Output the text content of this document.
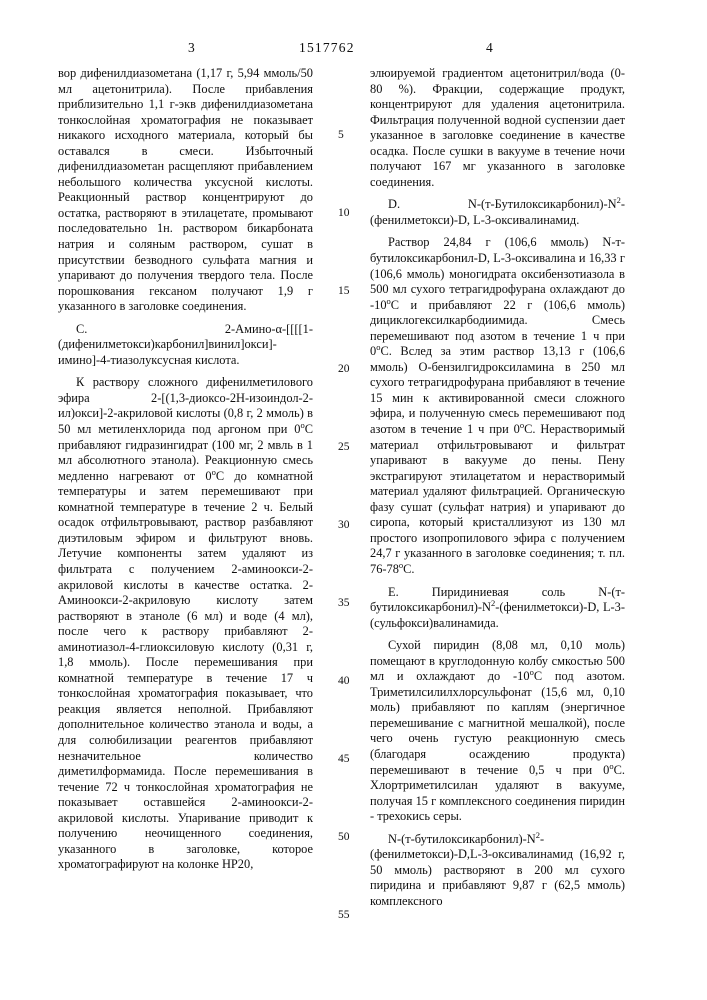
3	1517762	4
5
10
15
20
25
30
35
40
45
50
55

вор дифенилдиазометана (1,17 г, 5,94 ммоль/50 мл ацетонитрила). После прибавления приблизительно 1,1 г-экв дифенилдиазометана тонкослойная хроматография не показывает никакого исходного материала, который бы оставался в смеси. Избыточный дифенилдиазометан расщепляют прибавлением небольшого количества уксусной кислоты. Реакционный раствор концентрируют до остатка, растворяют в этилацетате, промывают последовательно 1н. раствором бикарбоната натрия и соляным раствором, сушат в присутствии безводного сульфата магния и упаривают до получения твердого тела. После порошкования гексаном получают 1,9 г указанного в заголовке соединения.

С. 2-Амино-α-[[[[1-(дифенилметокси)карбонил]винил]окси]-имино]-4-тиазолуксусная кислота.

К раствору сложного дифенилметилового эфира 2-[(1,3-диоксо-2Н-изоиндол-2-ил)окси]-2-акриловой кислоты (0,8 г, 2 ммоль) в 50 мл метиленхлорида под аргоном при 0$^o$С прибавляют гидразингидрат (100 мг, 2 мвль в 1 мл абсолютного этанола). Реакционную смесь медленно нагревают от 0$^o$С до комнатной температуры и затем перемешивают при комнатной температуре в течение 2 ч. Белый осадок отфильтровывают, раствор разбавляют диэтиловым эфиром и фильтруют вновь. Летучие компоненты затем удаляют из фильтрата с получением 2-аминоокси-2-акриловой кислоты в качестве остатка. 2-Аминоокси-2-акриловую кислоту затем растворяют в этаноле (6 мл) и воде (4 мл), после чего к раствору прибавляют 2-аминотиазол-4-глиоксиловую кислоту (0,31 г, 1,8 ммоль). После перемешивания при комнатной температуре в течение 17 ч тонкослойная хроматография показывает, что реакция является неполной. Прибавляют дополнительное количество этанола и воды, а для солюбилизации реагентов прибавляют незначительное количество диметилформамида. После перемешивания в течение 72 ч тонкослойная хроматография не показывает оставшейся 2-аминоокси-2-акриловой кислоты. Упаривание приводит к получению неочищенного соединения, указанного в заголовке, которое хроматографируют на колонке НР20,

элюируемой градиентом ацетонитрил/вода (0-80 %). Фракции, содержащие продукт, концентрируют для удаления ацетонитрила. Фильтрация полученной водной суспензии дает указанное в заголовке соединение в качестве осадка. После сушки в вакууме в течение ночи получают 167 мг указанного в заголовке соединения.

D. $N-(т-Бутилоксикарбонил)-N^2-(фенилметокси)-D$, L-3-оксивалинамид.

Раствор 24,84 г (106,6 ммоль) N-т-бутилоксикарбонил-D, L-3-оксивалина и 16,33 г (106,6 ммоль) моногидрата оксибензотиазола в 500 мл сухого тетрагидрофурана охлаждают до -10$^o$С и прибавляют 22 г (106,6 ммоль) дициклогексилкарбодиимида. Смесь перемешивают под азотом в течение 1 ч при 0$^o$С. Вслед за этим раствор 13,13 г (106,6 ммоль) О-бензилгидроксиламина в 250 мл сухого тетрагидрофурана прибавляют в течение 15 мин к активированной смеси сложного эфира, и полученную смесь перемешивают под азотом в течение 1 ч при 0$^o$С. Нерастворимый материал отфильтровывают и фильтрат упаривают в вакууме до пены. Пену экстрагируют этилацетатом и нерастворимый материал удаляют фильтрацией. Органическую фазу сушат (сульфат натрия) и упаривают до сиропа, который кристаллизуют из 130 мл простого изопропилового эфира с получением 24,7 г указанного в заголовке соединения; т. пл. 76-78$^o$С.

Е. Пиридиниевая соль $N-(т-бутилоксикарбонил)-N^2-(фенилметокси)-D$, L-3-(сульфокси)валинамида.

Сухой пиридин (8,08 мл, 0,10 моль) помещают в круглодонную колбу смкостью 500 мл и охлаждают до -10$^o$С под азотом. Триметилсилилхлорсульфонат (15,6 мл, 0,10 моль) прибавляют по каплям (энергичное перемешивание с магнитной мешалкой), после чего очень густую реакционную смесь (благодаря осаждению продукта) перемешивают в течение 0,5 ч при 0$^o$С. Хлортриметилсилан удаляют в вакууме, получая 15 г комплексного соединения пиридин - трехокись серы.

$N-(т-бутилоксикарбонил)-N^2-(фенилметокси)-D,L-3$-оксивалинамид (16,92 г, 50 ммоль) растворяют в 200 мл сухого пиридина и прибавляют 9,87 г (62,5 ммоль) комплексного
